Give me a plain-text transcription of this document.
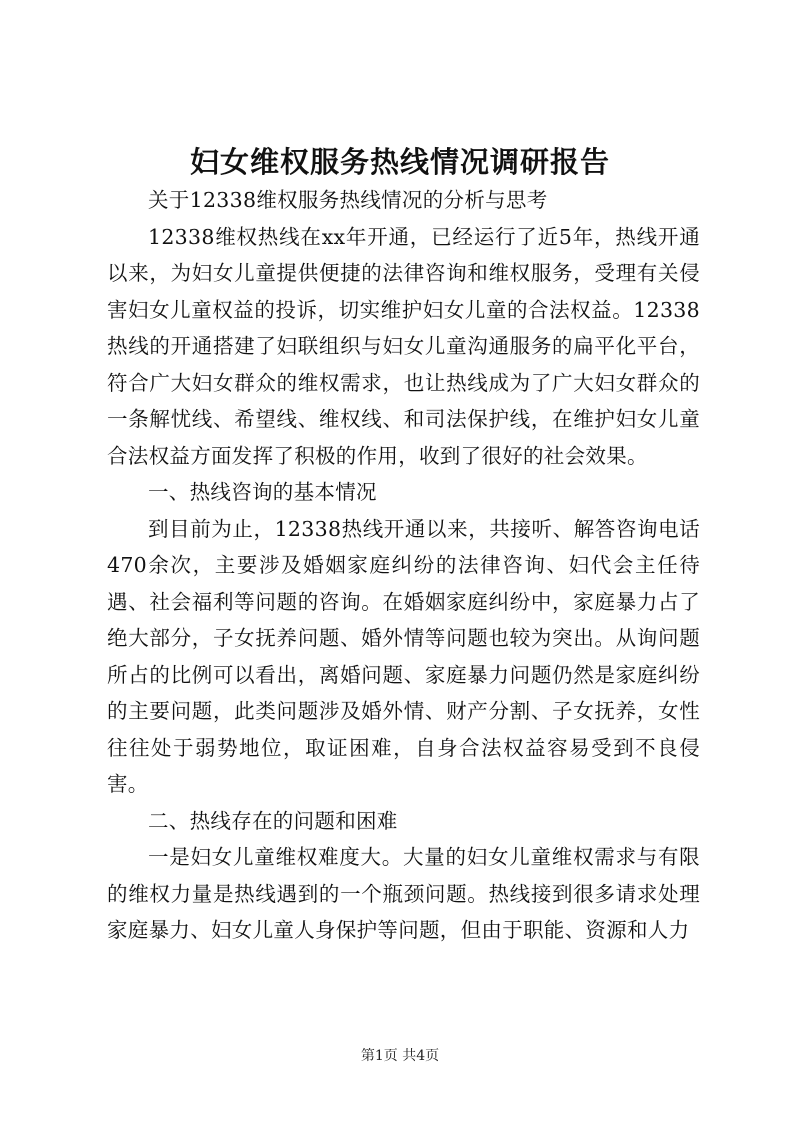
妇女维权服务热线情况调研报告

关于12338维权服务热线情况的分析与思考

12338维权热线在xx年开通，已经运行了近5年，热线开通以来，为妇女儿童提供便捷的法律咨询和维权服务，受理有关侵害妇女儿童权益的投诉，切实维护妇女儿童的合法权益。12338热线的开通搭建了妇联组织与妇女儿童沟通服务的扁平化平台，符合广大妇女群众的维权需求，也让热线成为了广大妇女群众的一条解忧线、希望线、维权线、和司法保护线，在维护妇女儿童合法权益方面发挥了积极的作用，收到了很好的社会效果。

一、热线咨询的基本情况

到目前为止，12338热线开通以来，共接听、解答咨询电话470余次，主要涉及婚姻家庭纠纷的法律咨询、妇代会主任待遇、社会福利等问题的咨询。在婚姻家庭纠纷中，家庭暴力占了绝大部分，子女抚养问题、婚外情等问题也较为突出。从询问题所占的比例可以看出，离婚问题、家庭暴力问题仍然是家庭纠纷的主要问题，此类问题涉及婚外情、财产分割、子女抚养，女性往往处于弱势地位，取证困难，自身合法权益容易受到不良侵害。

二、热线存在的问题和困难

一是妇女儿童维权难度大。大量的妇女儿童维权需求与有限的维权力量是热线遇到的一个瓶颈问题。热线接到很多请求处理家庭暴力、妇女儿童人身保护等问题，但由于职能、资源和人力

第1页 共4页
